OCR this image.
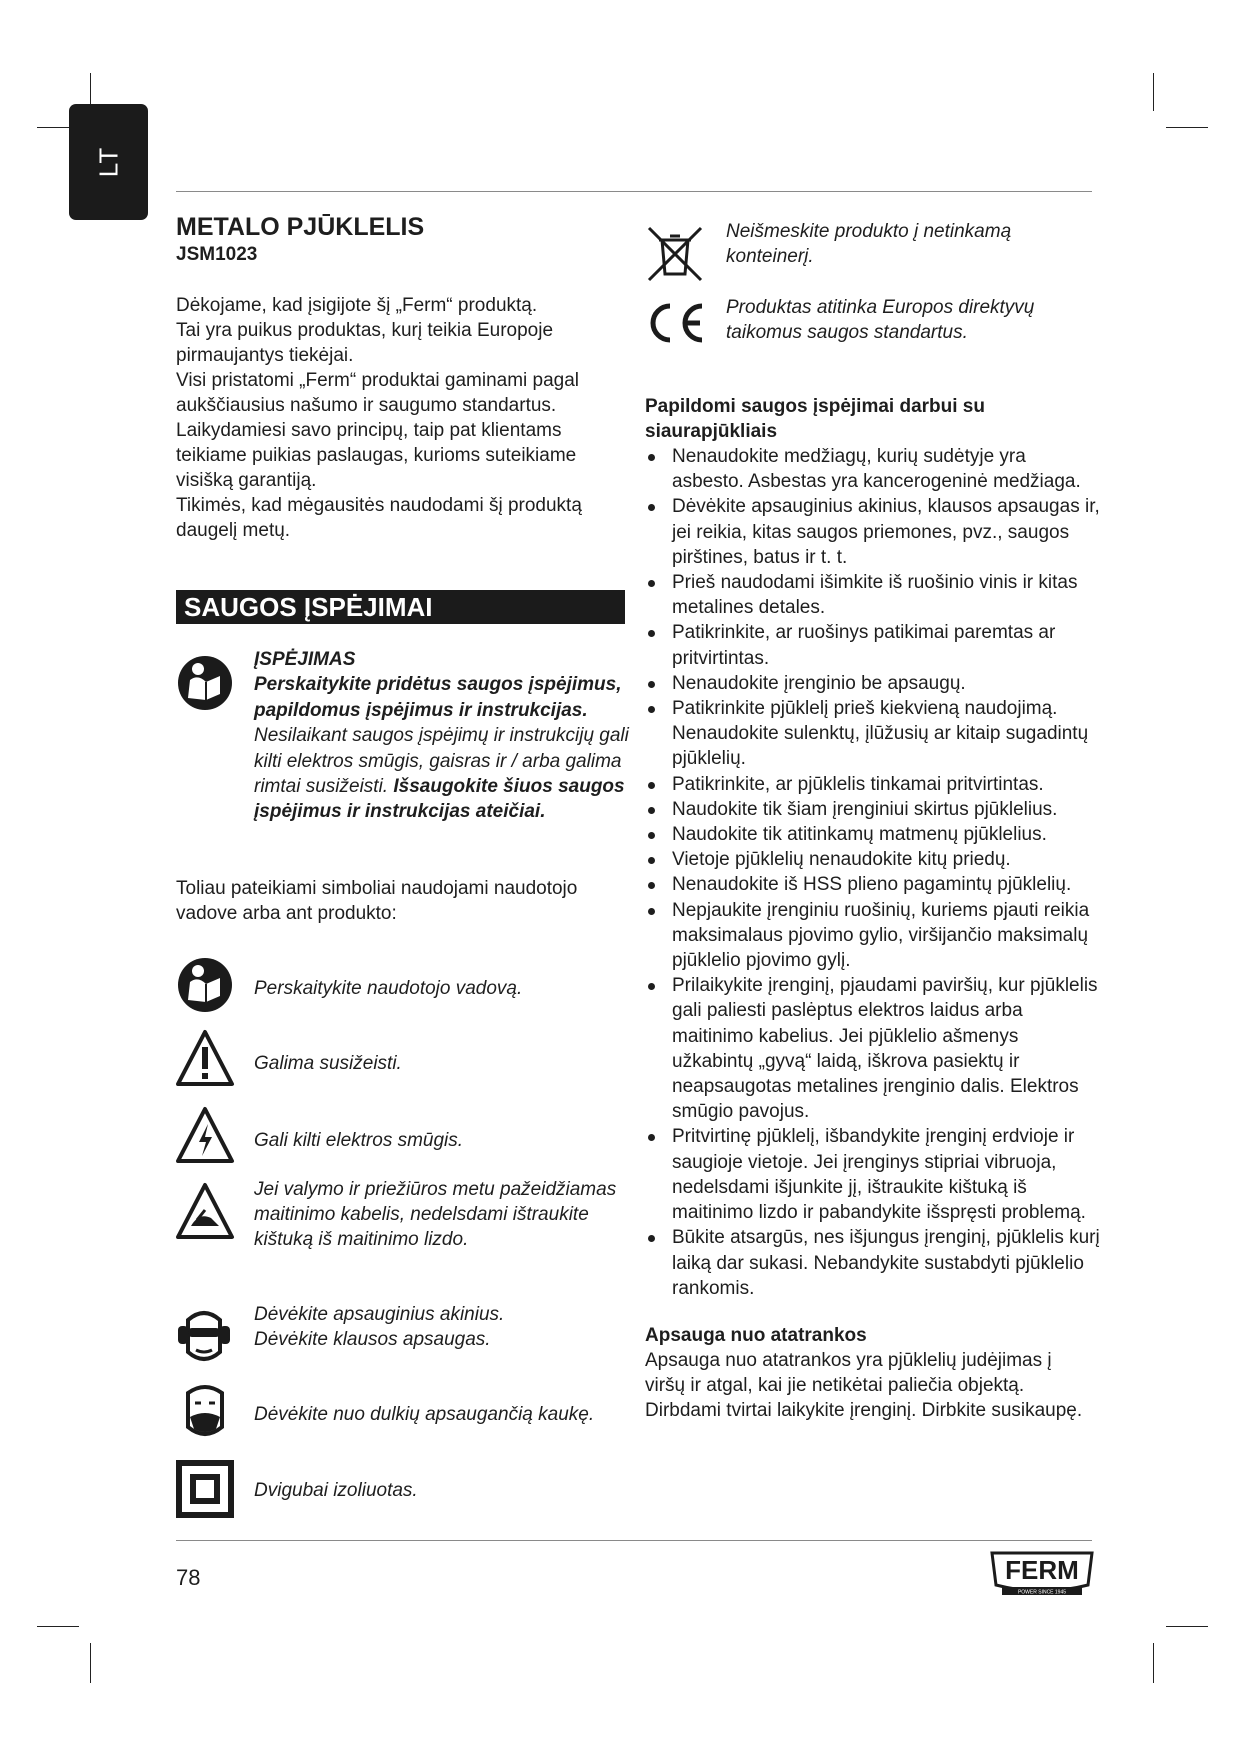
LT
METALO PJŪKLELIS
JSM1023
Dėkojame, kad įsigijote šį „Ferm“ produktą.
Tai yra puikus produktas, kurį teikia Europoje
pirmaujantys tiekėjai.
Visi pristatomi „Ferm“ produktai gaminami pagal
aukščiausius našumo ir saugumo standartus.
Laikydamiesi savo principų, taip pat klientams
teikiame puikias paslaugas, kurioms suteikiame
visišką garantiją.
Tikimės, kad mėgausitės naudodami šį produktą
daugelį metų.
SAUGOS ĮSPĖJIMAI
ĮSPĖJIMAS
Perskaitykite pridėtus saugos įspėjimus, papildomus įspėjimus ir instrukcijas. Nesilaikant saugos įspėjimų ir instrukcijų gali kilti elektros smūgis, gaisras ir / arba galima rimtai susižeisti. Išsaugokite šiuos saugos įspėjimus ir instrukcijas ateičiai.
Toliau pateikiami simboliai naudojami naudotojo vadove arba ant produkto:
Perskaitykite naudotojo vadovą.
Galima susižeisti.
Gali kilti elektros smūgis.
Jei valymo ir priežiūros metu pažeidžiamas maitinimo kabelis, nedelsdami ištraukite kištuką iš maitinimo lizdo.
Dėvėkite apsauginius akinius.
Dėvėkite klausos apsaugas.
Dėvėkite nuo dulkių apsaugančią kaukę.
Dvigubai izoliuotas.
Neišmeskite produkto į netinkamą konteinerį.
Produktas atitinka Europos direktyvų taikomus saugos standartus.
Papildomi saugos įspėjimai darbui su siaurapjūkliais
Nenaudokite medžiagų, kurių sudėtyje yra asbesto. Asbestas yra kancerogeninė medžiaga.
Dėvėkite apsauginius akinius, klausos apsaugas ir, jei reikia, kitas saugos priemones, pvz., saugos pirštines, batus ir t. t.
Prieš naudodami išimkite iš ruošinio vinis ir kitas metalines detales.
Patikrinkite, ar ruošinys patikimai paremtas ar pritvirtintas.
Nenaudokite įrenginio be apsaugų.
Patikrinkite pjūklelį prieš kiekvieną naudojimą. Nenaudokite sulenktų, įlūžusių ar kitaip sugadintų pjūklelių.
Patikrinkite, ar pjūklelis tinkamai pritvirtintas.
Naudokite tik šiam įrenginiui skirtus pjūklelius.
Naudokite tik atitinkamų matmenų pjūklelius.
Vietoje pjūklelių nenaudokite kitų priedų.
Nenaudokite iš HSS plieno pagamintų pjūklelių.
Nepjaukite įrenginiu ruošinių, kuriems pjauti reikia maksimalaus pjovimo gylio, viršijančio maksimalų pjūklelio pjovimo gylį.
Prilaikykite įrenginį, pjaudami paviršių, kur pjūklelis gali paliesti paslėptus elektros laidus arba maitinimo kabelius. Jei pjūklelio ašmenys užkabintų „gyvą“ laidą, iškrova pasiektų ir neapsaugotas metalines įrenginio dalis. Elektros smūgio pavojus.
Pritvirtinę pjūklelį, išbandykite įrenginį erdvioje ir saugioje vietoje. Jei įrenginys stipriai vibruoja, nedelsdami išjunkite jį, ištraukite kištuką iš maitinimo lizdo ir pabandykite išspręsti problemą.
Būkite atsargūs, nes išjungus įrenginį, pjūklelis kurį laiką dar sukasi. Nebandykite sustabdyti pjūklelio rankomis.
Apsauga nuo atatrankos
Apsauga nuo atatrankos yra pjūklelių judėjimas į viršų ir atgal, kai jie netikėtai paliečia objektą. Dirbdami tvirtai laikykite įrenginį. Dirbkite susikaupę.
78	FERM
POWER SINCE 1945
